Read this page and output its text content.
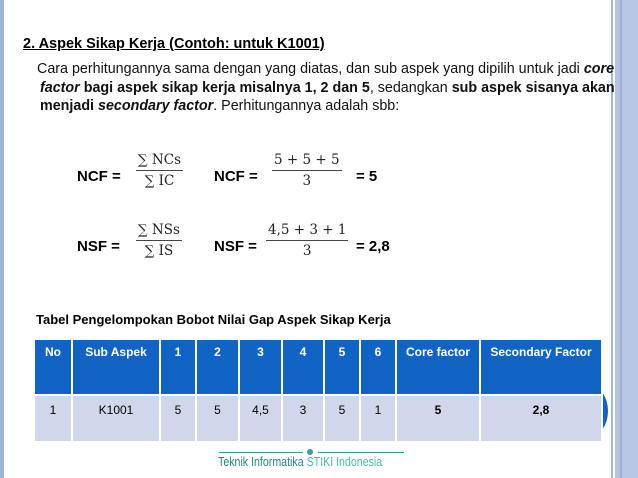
2. Aspek Sikap Kerja (Contoh: untuk K1001)
Cara perhitungannya sama dengan yang diatas, dan sub aspek yang dipilih untuk jadi core factor bagi aspek sikap kerja misalnya 1, 2 dan 5, sedangkan sub aspek sisanya akan menjadi secondary factor. Perhitungannya adalah sbb:
NCF =
∑ NCs
∑ IC	NCF = $\frac{5 + 5 + 5}{3} = 5$
NSF =
∑ NSs
∑ IS	NSF = $\frac{4,5 + 3 + 1}{3} = 2,8$
Tabel Pengelompokan Bobot Nilai Gap Aspek Sikap Kerja
No	Sub Aspek	1	2	3	4	5	6	Core factor	Secondary Factor
1	K1001	5	5	4,5	3	5	1	5	2,8
Teknik Informatika STIKI Indonesia
